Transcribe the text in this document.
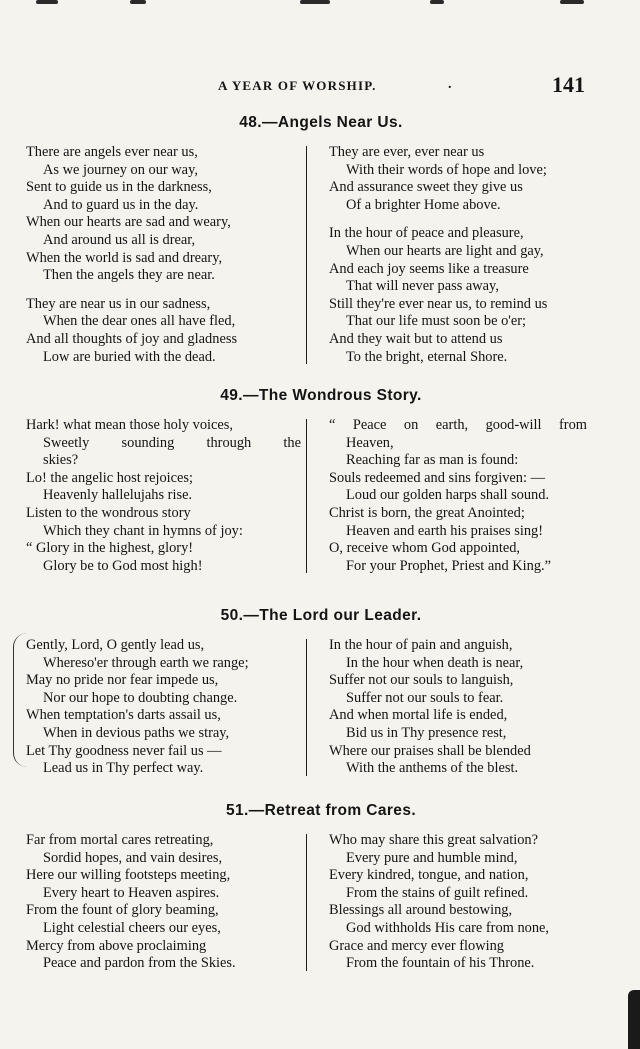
A YEAR OF WORSHIP.	.	141
48.—Angels Near Us.
There are angels ever near us,
As we journey on our way,
Sent to guide us in the darkness,
And to guard us in the day.
When our hearts are sad and weary,
And around us all is drear,
When the world is sad and dreary,
Then the angels they are near.
They are near us in our sadness,
When the dear ones all have fled,
And all thoughts of joy and gladness
Low are buried with the dead.
They are ever, ever near us
With their words of hope and love;
And assurance sweet they give us
Of a brighter Home above.
In the hour of peace and pleasure,
When our hearts are light and gay,
And each joy seems like a treasure
That will never pass away,
Still they're ever near us, to remind us
That our life must soon be o'er;
And they wait but to attend us
To the bright, eternal Shore.
49.—The Wondrous Story.
Hark! what mean those holy voices,
Sweetly sounding through the
skies?
Lo! the angelic host rejoices;
Heavenly hallelujahs rise.
Listen to the wondrous story
Which they chant in hymns of joy:
“ Glory in the highest, glory!
Glory be to God most high!
“ Peace on earth, good-will from
Heaven,
Reaching far as man is found:
Souls redeemed and sins forgiven: —
Loud our golden harps shall sound.
Christ is born, the great Anointed;
Heaven and earth his praises sing!
O, receive whom God appointed,
For your Prophet, Priest and King.”
50.—The Lord our Leader.
Gently, Lord, O gently lead us,
Whereso'er through earth we range;
May no pride nor fear impede us,
Nor our hope to doubting change.
When temptation's darts assail us,
When in devious paths we stray,
Let Thy goodness never fail us —
Lead us in Thy perfect way.
In the hour of pain and anguish,
In the hour when death is near,
Suffer not our souls to languish,
Suffer not our souls to fear.
And when mortal life is ended,
Bid us in Thy presence rest,
Where our praises shall be blended
With the anthems of the blest.
51.—Retreat from Cares.
Far from mortal cares retreating,
Sordid hopes, and vain desires,
Here our willing footsteps meeting,
Every heart to Heaven aspires.
From the fount of glory beaming,
Light celestial cheers our eyes,
Mercy from above proclaiming
Peace and pardon from the Skies.
Who may share this great salvation?
Every pure and humble mind,
Every kindred, tongue, and nation,
From the stains of guilt refined.
Blessings all around bestowing,
God withholds His care from none,
Grace and mercy ever flowing
From the fountain of his Throne.
